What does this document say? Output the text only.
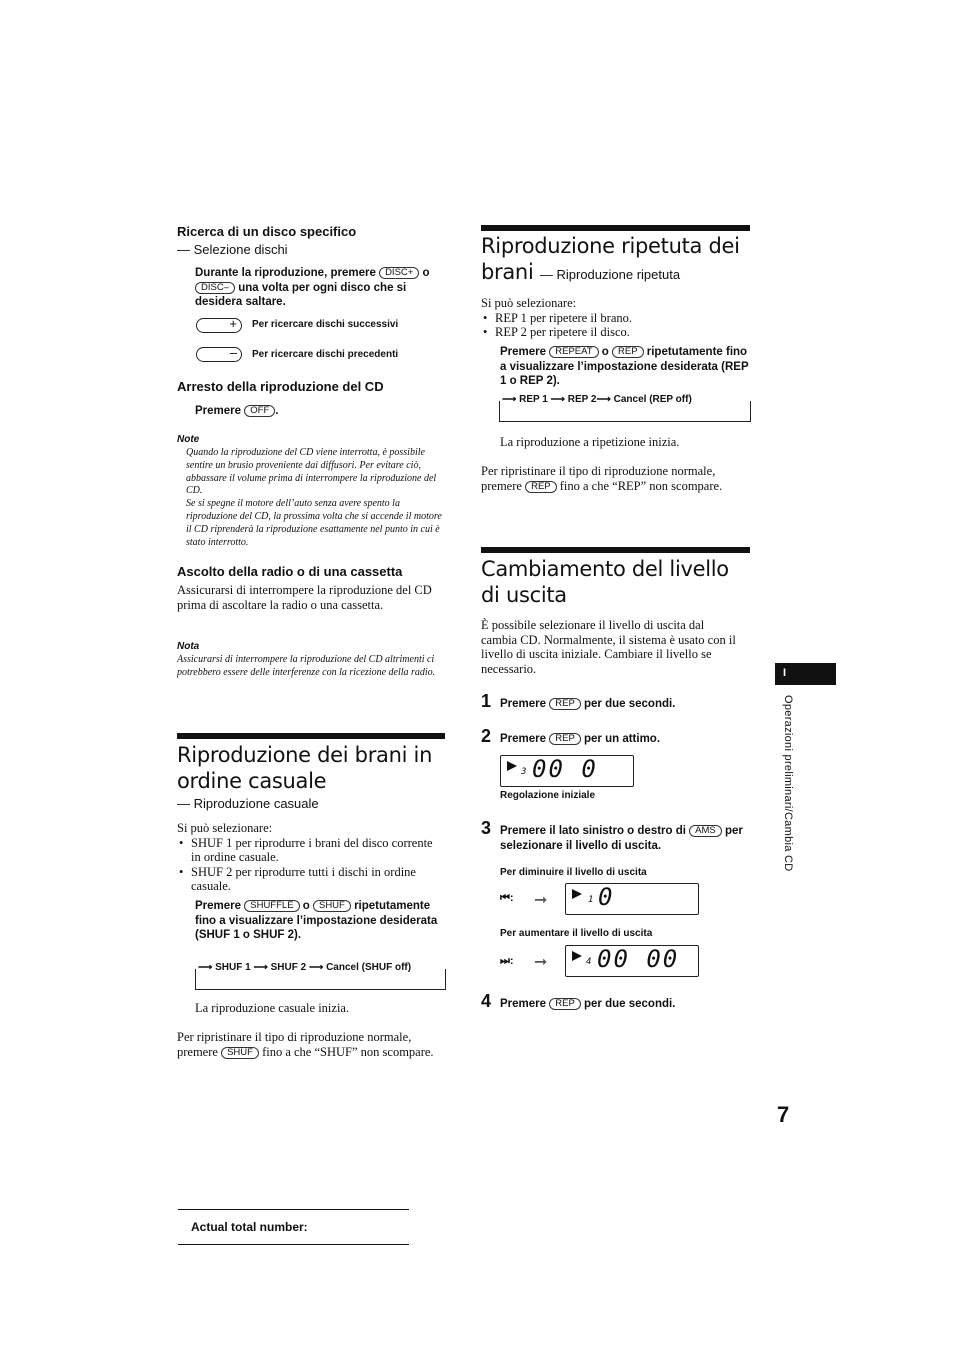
Ricerca di un disco specifico
— Selezione dischi
Durante la riproduzione, premere DISC+ o DISC– una volta per ogni disco che si desidera saltare.
+ Per ricercare dischi successivi
– Per ricercare dischi precedenti
Arresto della riproduzione del CD
Premere OFF .
Note
Quando la riproduzione del CD viene interrotta, è possibile sentire un brusio proveniente dai diffusori. Per evitare ciò, abbassare il volume prima di interrompere la riproduzione del CD.
Se si spegne il motore dell’auto senza avere spento la riproduzione del CD, la prossima volta che si accende il motore il CD riprenderà la riproduzione esattamente nel punto in cui è stato interrotto.
Ascolto della radio o di una cassetta
Assicurarsi di interrompere la riproduzione del CD prima di ascoltare la radio o una cassetta.
Nota
Assicurarsi di interrompere la riproduzione del CD altrimenti ci potrebbero essere delle interferenze con la ricezione della radio.
Riproduzione dei brani in ordine casuale
— Riproduzione casuale
Si può selezionare:
• SHUF 1 per riprodurre i brani del disco corrente in ordine casuale.
• SHUF 2 per riprodurre tutti i dischi in ordine casuale.
Premere SHUFFLE o SHUF ripetutamente fino a visualizzare l’impostazione desiderata (SHUF 1 o SHUF 2).
⟶ SHUF 1 ⟶ SHUF 2 ⟶ Cancel (SHUF off)
La riproduzione casuale inizia.
Per ripristinare il tipo di riproduzione normale, premere SHUF fino a che “SHUF” non scompare.
Riproduzione ripetuta dei brani — Riproduzione ripetuta
Si può selezionare:
• REP 1 per ripetere il brano.
• REP 2 per ripetere il disco.
Premere REPEAT o REP ripetutamente fino a visualizzare l’impostazione desiderata (REP 1 o REP 2).
⟶ REP 1 ⟶ REP 2⟶ Cancel (REP off)
La riproduzione a ripetizione inizia.
Per ripristinare il tipo di riproduzione normale, premere REP fino a che “REP” non scompare.
Cambiamento del livello di uscita
È possibile selezionare il livello di uscita dal cambia CD. Normalmente, il sistema è usato con il livello di uscita iniziale. Cambiare il livello se necessario.
1 Premere REP per due secondi.
2 Premere REP per un attimo.
3 00 0
Regolazione iniziale
3 Premere il lato sinistro o destro di AMS per selezionare il livello di uscita.
Per diminuire il livello di uscita
⏮: ➞	1 0
Per aumentare il livello di uscita
⏭: ➞	4 00 00
4 Premere REP per due secondi.
I
Operazioni preliminari/Cambia CD
7
Actual total number:
